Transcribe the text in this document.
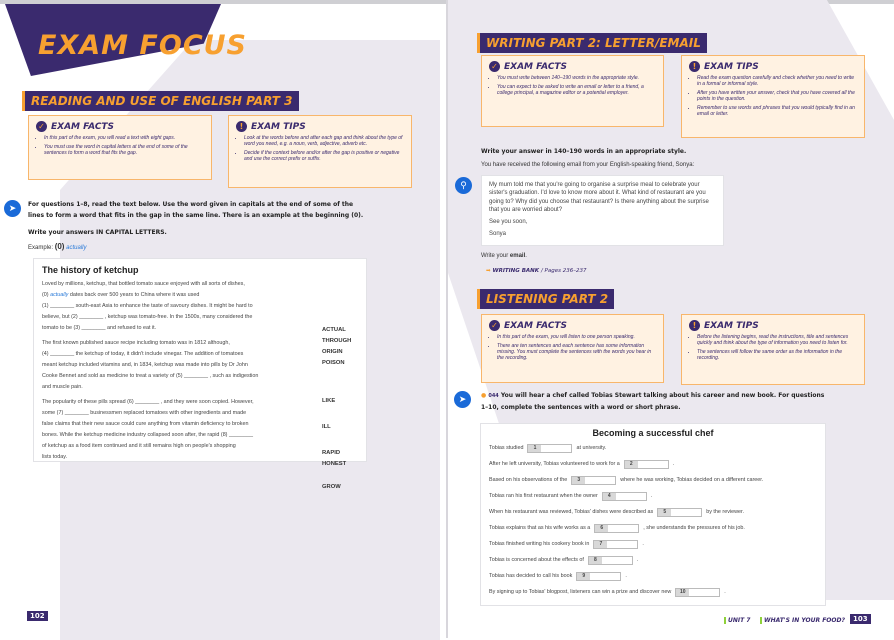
EXAM FOCUS
READING AND USE OF ENGLISH PART 3
✓ EXAM FACTS
• In this part of the exam, you will read a text with eight gaps.
• You must use the word in capital letters at the end of some of the sentences to form a word that fits the gap.
! EXAM TIPS
• Look at the words before and after each gap and think about the type of word you need, e.g. a noun, verb, adjective, adverb etc.
• Decide if the context before and/or after the gap is positive or negative and use the correct prefix or suffix.
➤	For questions 1–8, read the text below. Use the word given in capitals at the end of some of the lines to form a word that fits in the gap in the same line. There is an example at the beginning (0).
Write your answers IN CAPITAL LETTERS.
Example: (0) actually
The history of ketchup
Loved by millions, ketchup, that bottled tomato sauce enjoyed with all sorts of dishes,
(0) actually dates back over 500 years to China where it was used
(1) ________ south-east Asia to enhance the taste of savoury dishes. It might be hard to
believe, but (2) ________ , ketchup was tomato-free. In the 1500s, many considered the
tomato to be (3) ________ and refused to eat it.
The first known published sauce recipe including tomato was in 1812 although,
(4) ________ the ketchup of today, it didn't include vinegar. The addition of tomatoes
meant ketchup included vitamins and, in 1834, ketchup was made into pills by Dr John
Cooke Bennet and sold as medicine to treat a variety of (5) ________ , such as indigestion
and muscle pain.
The popularity of these pills spread (6) ________ , and they were soon copied. However,
some (7) ________ businessmen replaced tomatoes with other ingredients and made
false claims that their new sauce could cure anything from vitamin deficiency to broken
bones. While the ketchup medicine industry collapsed soon after, the rapid (8) ________
of ketchup as a food item continued and it still remains high on people's shopping
lists today.
ACTUAL
THROUGH
ORIGIN
POISON
LIKE
ILL
RAPID
HONEST
GROW
102
WRITING PART 2: LETTER/EMAIL
✓ EXAM FACTS
• You must write between 140–190 words in the appropriate style.
• You can expect to be asked to write an email or letter to a friend, a college principal, a magazine editor or a potential employer.
! EXAM TIPS
• Read the exam question carefully and check whether you need to write in a formal or informal style.
• After you have written your answer, check that you have covered all the points in the question.
• Remember to use words and phrases that you would typically find in an email or letter.
Write your answer in 140–190 words in an appropriate style.
You have received the following email from your English-speaking friend, Sonya:
⚲	My mum told me that you're going to organise a surprise meal to celebrate your sister's graduation. I'd love to know more about it. What kind of restaurant are you going to? Why did you choose that restaurant? Is there anything about the surprise that you are worried about?
See you soon,
Sonya
Write your email.
➡ WRITING BANK / Pages 236–237
LISTENING PART 2
✓ EXAM FACTS
• In this part of the exam, you will listen to one person speaking.
• There are ten sentences and each sentence has some information missing. You must complete the sentences with the words you hear in the recording.
! EXAM TIPS
• Before the listening begins, read the instructions, title and sentences quickly and think about the type of information you need to listen for.
• The sentences will follow the same order as the information in the recording.
➤	● 044 You will hear a chef called Tobias Stewart talking about his career and new book. For questions 1–10, complete the sentences with a word or short phrase.
Becoming a successful chef
Tobias studied	1	at university.
After he left university, Tobias volunteered to work for a	2	.
Based on his observations of the	3	where he was working, Tobias decided on a different career.
Tobias ran his first restaurant when the owner	4	.
When his restaurant was reviewed, Tobias' dishes were described as	5	by the reviewer.
Tobias explains that as his wife works as a	6	, she understands the pressures of his job.
Tobias finished writing his cookery book in	7	.
Tobias is concerned about the effects of	8	.
Tobias has decided to call his book	9	.
By signing up to Tobias' blogpost, listeners can win a prize and discover new	10	.
UNIT 7	WHAT'S IN YOUR FOOD?	103
